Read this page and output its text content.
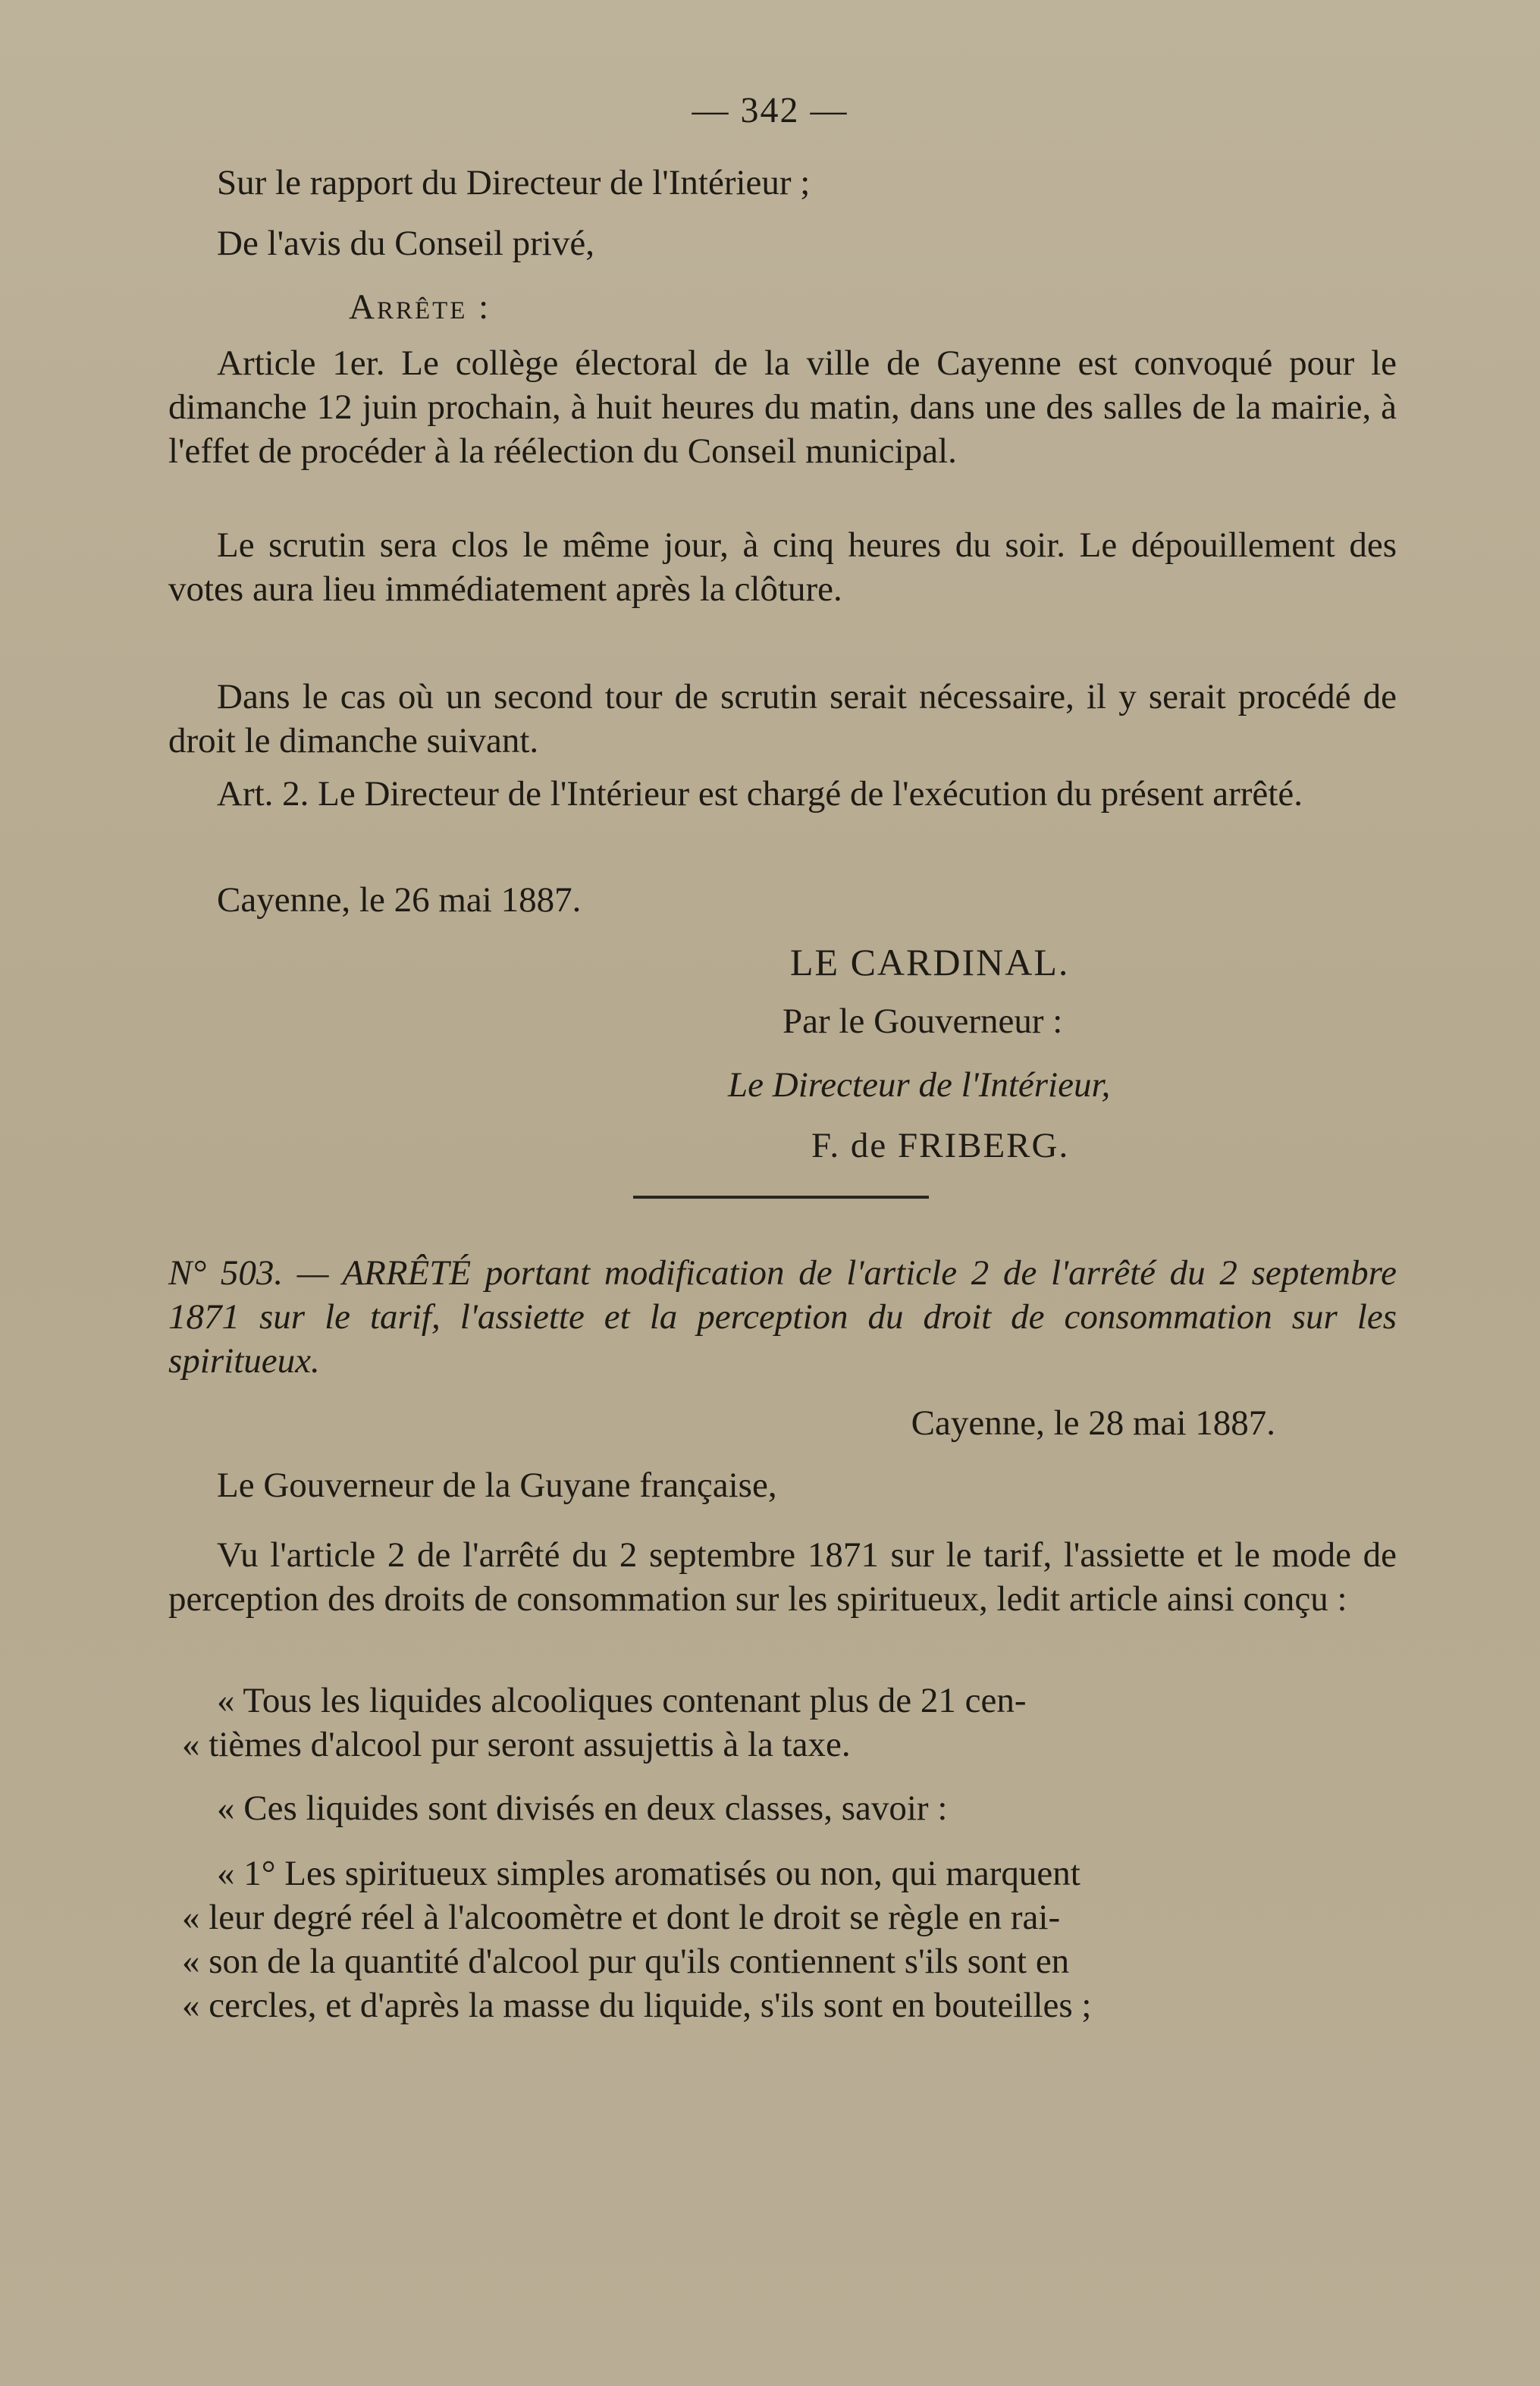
— 342 —
Sur le rapport du Directeur de l'Intérieur ;
De l'avis du Conseil privé,
Arrête :
Article 1er. Le collège électoral de la ville de Cayenne est convoqué pour le dimanche 12 juin prochain, à huit heures du matin, dans une des salles de la mairie, à l'effet de procéder à la réélection du Conseil municipal.
Le scrutin sera clos le même jour, à cinq heures du soir. Le dépouillement des votes aura lieu immédiatement après la clôture.
Dans le cas où un second tour de scrutin serait nécessaire, il y serait procédé de droit le dimanche suivant.
Art. 2. Le Directeur de l'Intérieur est chargé de l'exécution du présent arrêté.
Cayenne, le 26 mai 1887.
LE CARDINAL.
Par le Gouverneur :
Le Directeur de l'Intérieur,
F. de FRIBERG.
N° 503. — ARRÊTÉ portant modification de l'article 2 de l'arrêté du 2 septembre 1871 sur le tarif, l'assiette et la perception du droit de consommation sur les spiritueux.
Cayenne, le 28 mai 1887.
Le Gouverneur de la Guyane française,
Vu l'article 2 de l'arrêté du 2 septembre 1871 sur le tarif, l'assiette et le mode de perception des droits de consommation sur les spiritueux, ledit article ainsi conçu :
« Tous les liquides alcooliques contenant plus de 21 cen-
« tièmes d'alcool pur seront assujettis à la taxe.
« Ces liquides sont divisés en deux classes, savoir :
« 1° Les spiritueux simples aromatisés ou non, qui marquent
« leur degré réel à l'alcoomètre et dont le droit se règle en rai-
« son de la quantité d'alcool pur qu'ils contiennent s'ils sont en
« cercles, et d'après la masse du liquide, s'ils sont en bouteilles ;
